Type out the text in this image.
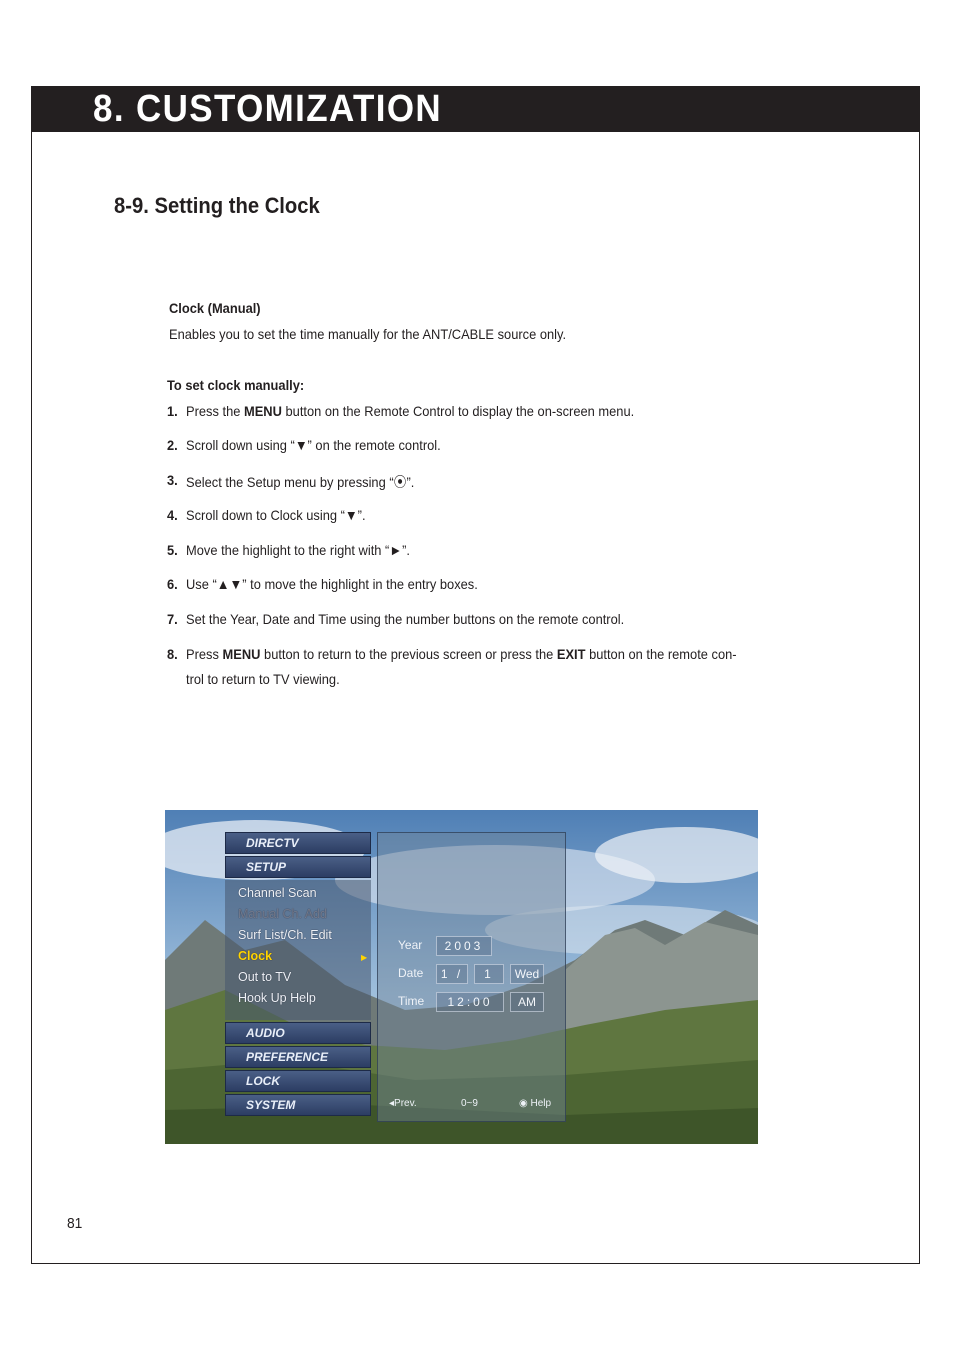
8. CUSTOMIZATION
8-9. Setting the Clock
Clock (Manual)
Enables you to set the time manually for the ANT/CABLE source only.
To set clock manually:
1. Press the MENU button on the Remote Control to display the on-screen menu.
2. Scroll down using “▼” on the remote control.
3. Select the Setup menu by pressing “⦿”.
4. Scroll down to Clock using “▼”.
5. Move the highlight to the right with “►”.
6. Use “▲▼” to move the highlight in the entry boxes.
7. Set the Year, Date and Time using the number buttons on the remote control.
8. Press MENU button to return to the previous screen or press the EXIT button on the remote con-
trol to return to TV viewing.
DIRECTV
SETUP
Channel Scan
Manual Ch. Add
Surf List/Ch. Edit
Clock	▶
Out to TV
Hook Up Help
AUDIO
PREFERENCE
LOCK
SYSTEM
Year	2003
Date	1 /	1	Wed
Time	12:00	AM
◂Prev.	0~9	◉ Help
81
